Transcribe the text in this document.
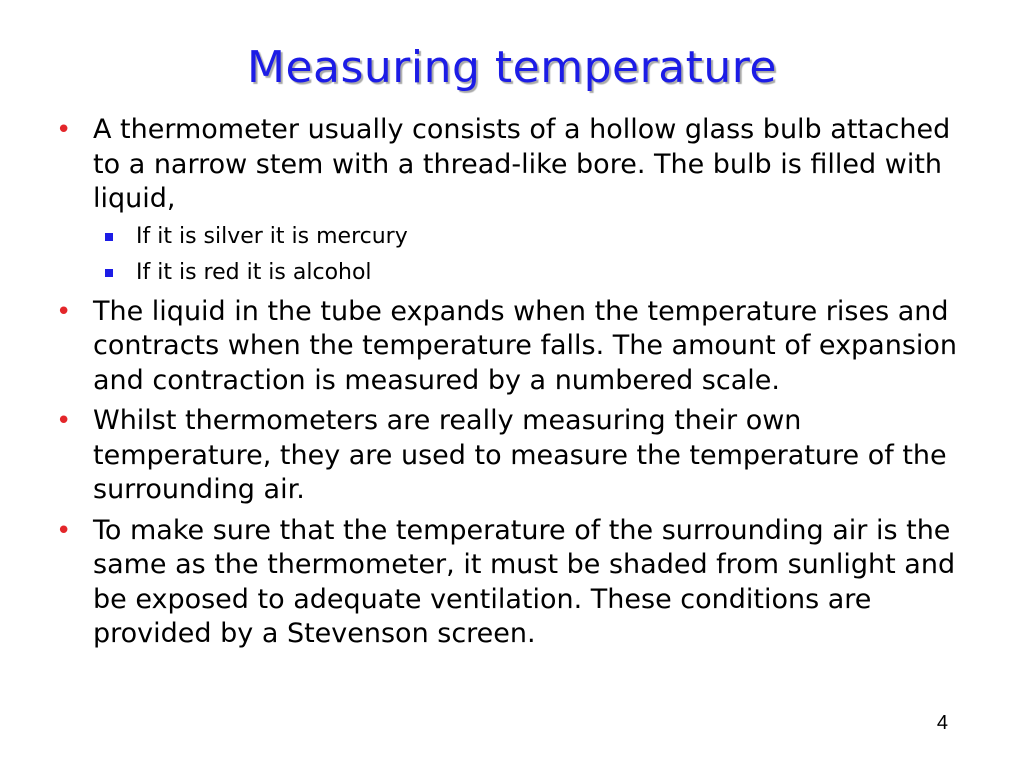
Measuring temperature
• A thermometer usually consists of a hollow glass bulb attached to a narrow stem with a thread-like bore. The bulb is filled with liquid,
If it is silver it is mercury
If it is red it is alcohol
• The liquid in the tube expands when the temperature rises and contracts when the temperature falls. The amount of expansion and contraction is measured by a numbered scale.
• Whilst thermometers are really measuring their own temperature, they are used to measure the temperature of the surrounding air.
• To make sure that the temperature of the surrounding air is the same as the thermometer, it must be shaded from sunlight and be exposed to adequate ventilation. These conditions are provided by a Stevenson screen.
4
